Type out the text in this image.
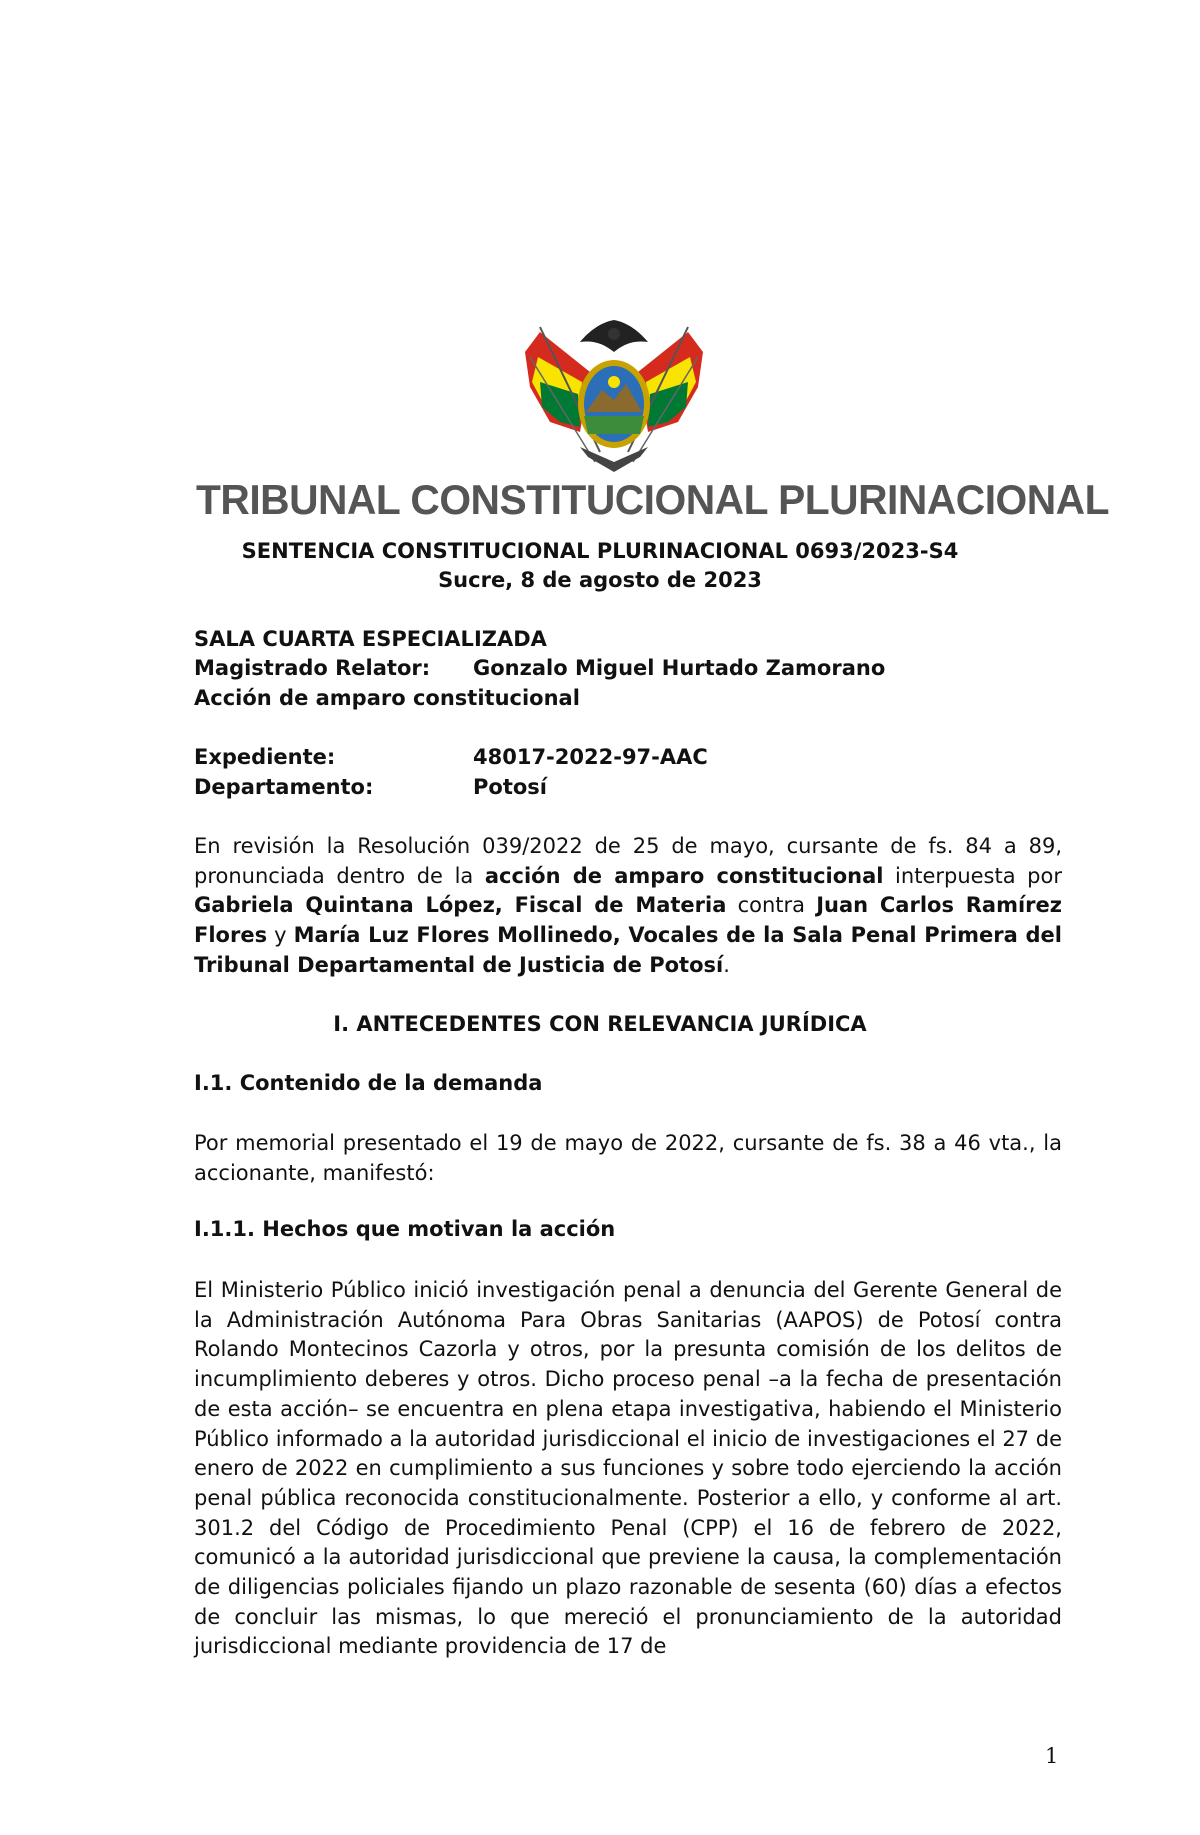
TRIBUNAL CONSTITUCIONAL PLURINACIONAL
SENTENCIA CONSTITUCIONAL PLURINACIONAL 0693/2023-S4
Sucre, 8 de agosto de 2023
SALA CUARTA ESPECIALIZADA
Magistrado Relator: Gonzalo Miguel Hurtado Zamorano
Acción de amparo constitucional
Expediente:	48017-2022-97-AAC
Departamento:	Potosí
En revisión la Resolución 039/2022 de 25 de mayo, cursante de fs. 84 a 89, pronunciada dentro de la acción de amparo constitucional interpuesta por Gabriela Quintana López, Fiscal de Materia contra Juan Carlos Ramírez Flores y María Luz Flores Mollinedo, Vocales de la Sala Penal Primera del Tribunal Departamental de Justicia de Potosí.
I. ANTECEDENTES CON RELEVANCIA JURÍDICA
I.1. Contenido de la demanda
Por memorial presentado el 19 de mayo de 2022, cursante de fs. 38 a 46 vta., la accionante, manifestó:
I.1.1. Hechos que motivan la acción
El Ministerio Público inició investigación penal a denuncia del Gerente General de la Administración Autónoma Para Obras Sanitarias (AAPOS) de Potosí contra Rolando Montecinos Cazorla y otros, por la presunta comisión de los delitos de incumplimiento deberes y otros. Dicho proceso penal –a la fecha de presentación de esta acción– se encuentra en plena etapa investigativa, habiendo el Ministerio Público informado a la autoridad jurisdiccional el inicio de investigaciones el 27 de enero de 2022 en cumplimiento a sus funciones y sobre todo ejerciendo la acción penal pública reconocida constitucionalmente. Posterior a ello, y conforme al art. 301.2 del Código de Procedimiento Penal (CPP) el 16 de febrero de 2022, comunicó a la autoridad jurisdiccional que previene la causa, la complementación de diligencias policiales fijando un plazo razonable de sesenta (60) días a efectos de concluir las mismas, lo que mereció el pronunciamiento de la autoridad jurisdiccional mediante providencia de 17 de
1
